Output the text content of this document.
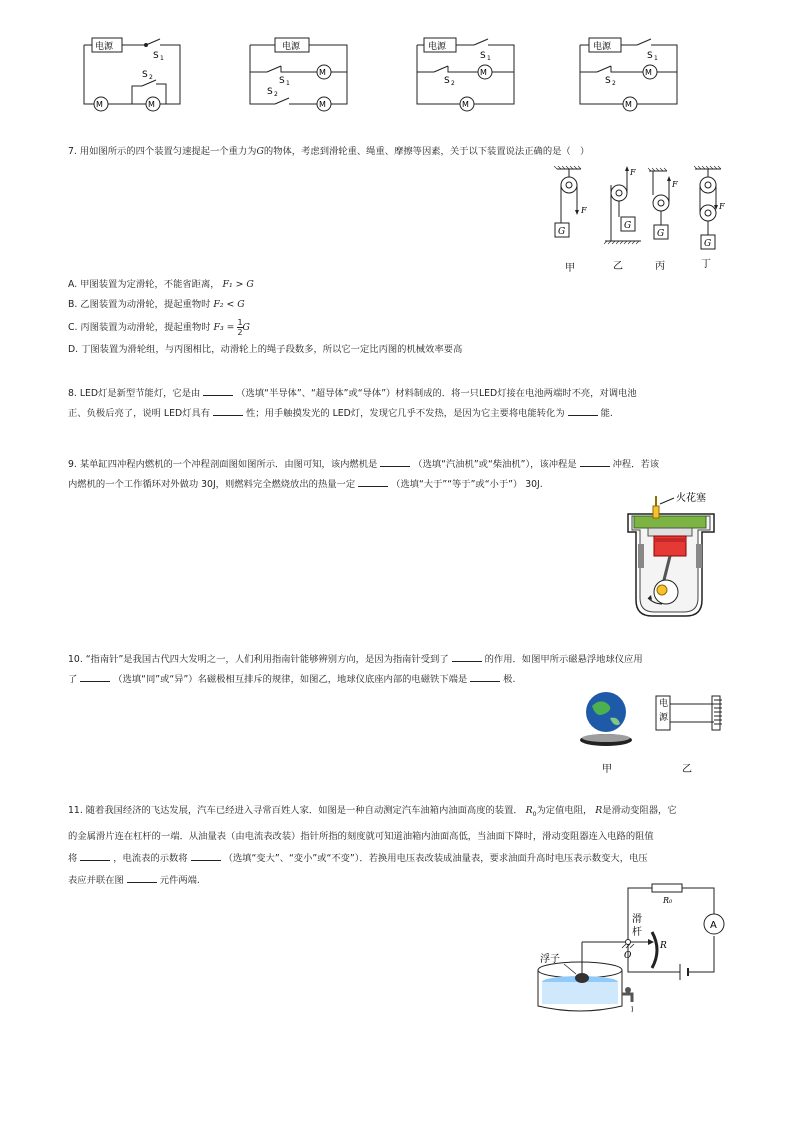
电源
S 1
S 2
M	M
电源
S 1
S 2
M
M
电源
S 1
S 2
M
M
电源
S 1
S 2
M
M
7. 用如图所示的四个装置匀速提起一个重力为G的物体，考虑到滑轮重、绳重、摩擦等因素，关于以下装置说法正确的是（　）
G
G
G
G
F
F
F
F
甲	乙	丙	丁
A. 甲图装置为定滑轮，不能省距离， F₁ > G
B. 乙图装置为动滑轮，提起重物时 F₂ < G
C. 丙图装置为动滑轮，提起重物时 $F_3 = \frac{1}{2}$ G
D. 丁图装置为滑轮组，与丙图相比，动滑轮上的绳子段数多，所以它一定比丙图的机械效率要高
8. LED灯是新型节能灯，它是由	（选填“半导体”、“超导体”或“导体”）材料制成的．将一只LED灯接在电池两端时不亮，对调电池
正、负极后亮了，说明 LED灯具有	性；用手触摸发光的 LED灯，发现它几乎不发热，是因为它主要将电能转化为	能.
9. 某单缸四冲程内燃机的一个冲程剖面图如图所示．由图可知，该内燃机是	（选填“汽油机”或“柴油机”），该冲程是	冲程．若该
内燃机的一个工作循环对外做功 30J，则燃料完全燃烧放出的热量一定	（选填“大于”“等于”或“小于”） 30J.
火花塞
10. “指南针”是我国古代四大发明之一，人们利用指南针能够辨别方向，是因为指南针受到了	的作用．如图甲所示磁悬浮地球仪应用
了	（选填“同”或“异”）名磁极相互排斥的规律，如图乙，地球仪底座内部的电磁铁下端是	极.
电
源
甲	乙
11. 随着我国经济的飞达发展，汽车已经进入寻常百姓人家．如图是一种自动测定汽车油箱内油面高度的装置． $R_0$为定值电阻， R是滑动变阻器，它
的金属滑片连在杠杆的一端．从油量表（由电流表改装）指针所指的刻度就可知道油箱内油面高低，当油面下降时，滑动变阻器连入电路的阻值
将	，电流表的示数将	（选填“变大”、“变小”或“不变”）．若换用电压表改装成油量表，要求油面升高时电压表示数变大，电压
表应并联在图	元件两端.
浮子
滑
杆
O
R
R₀
A
